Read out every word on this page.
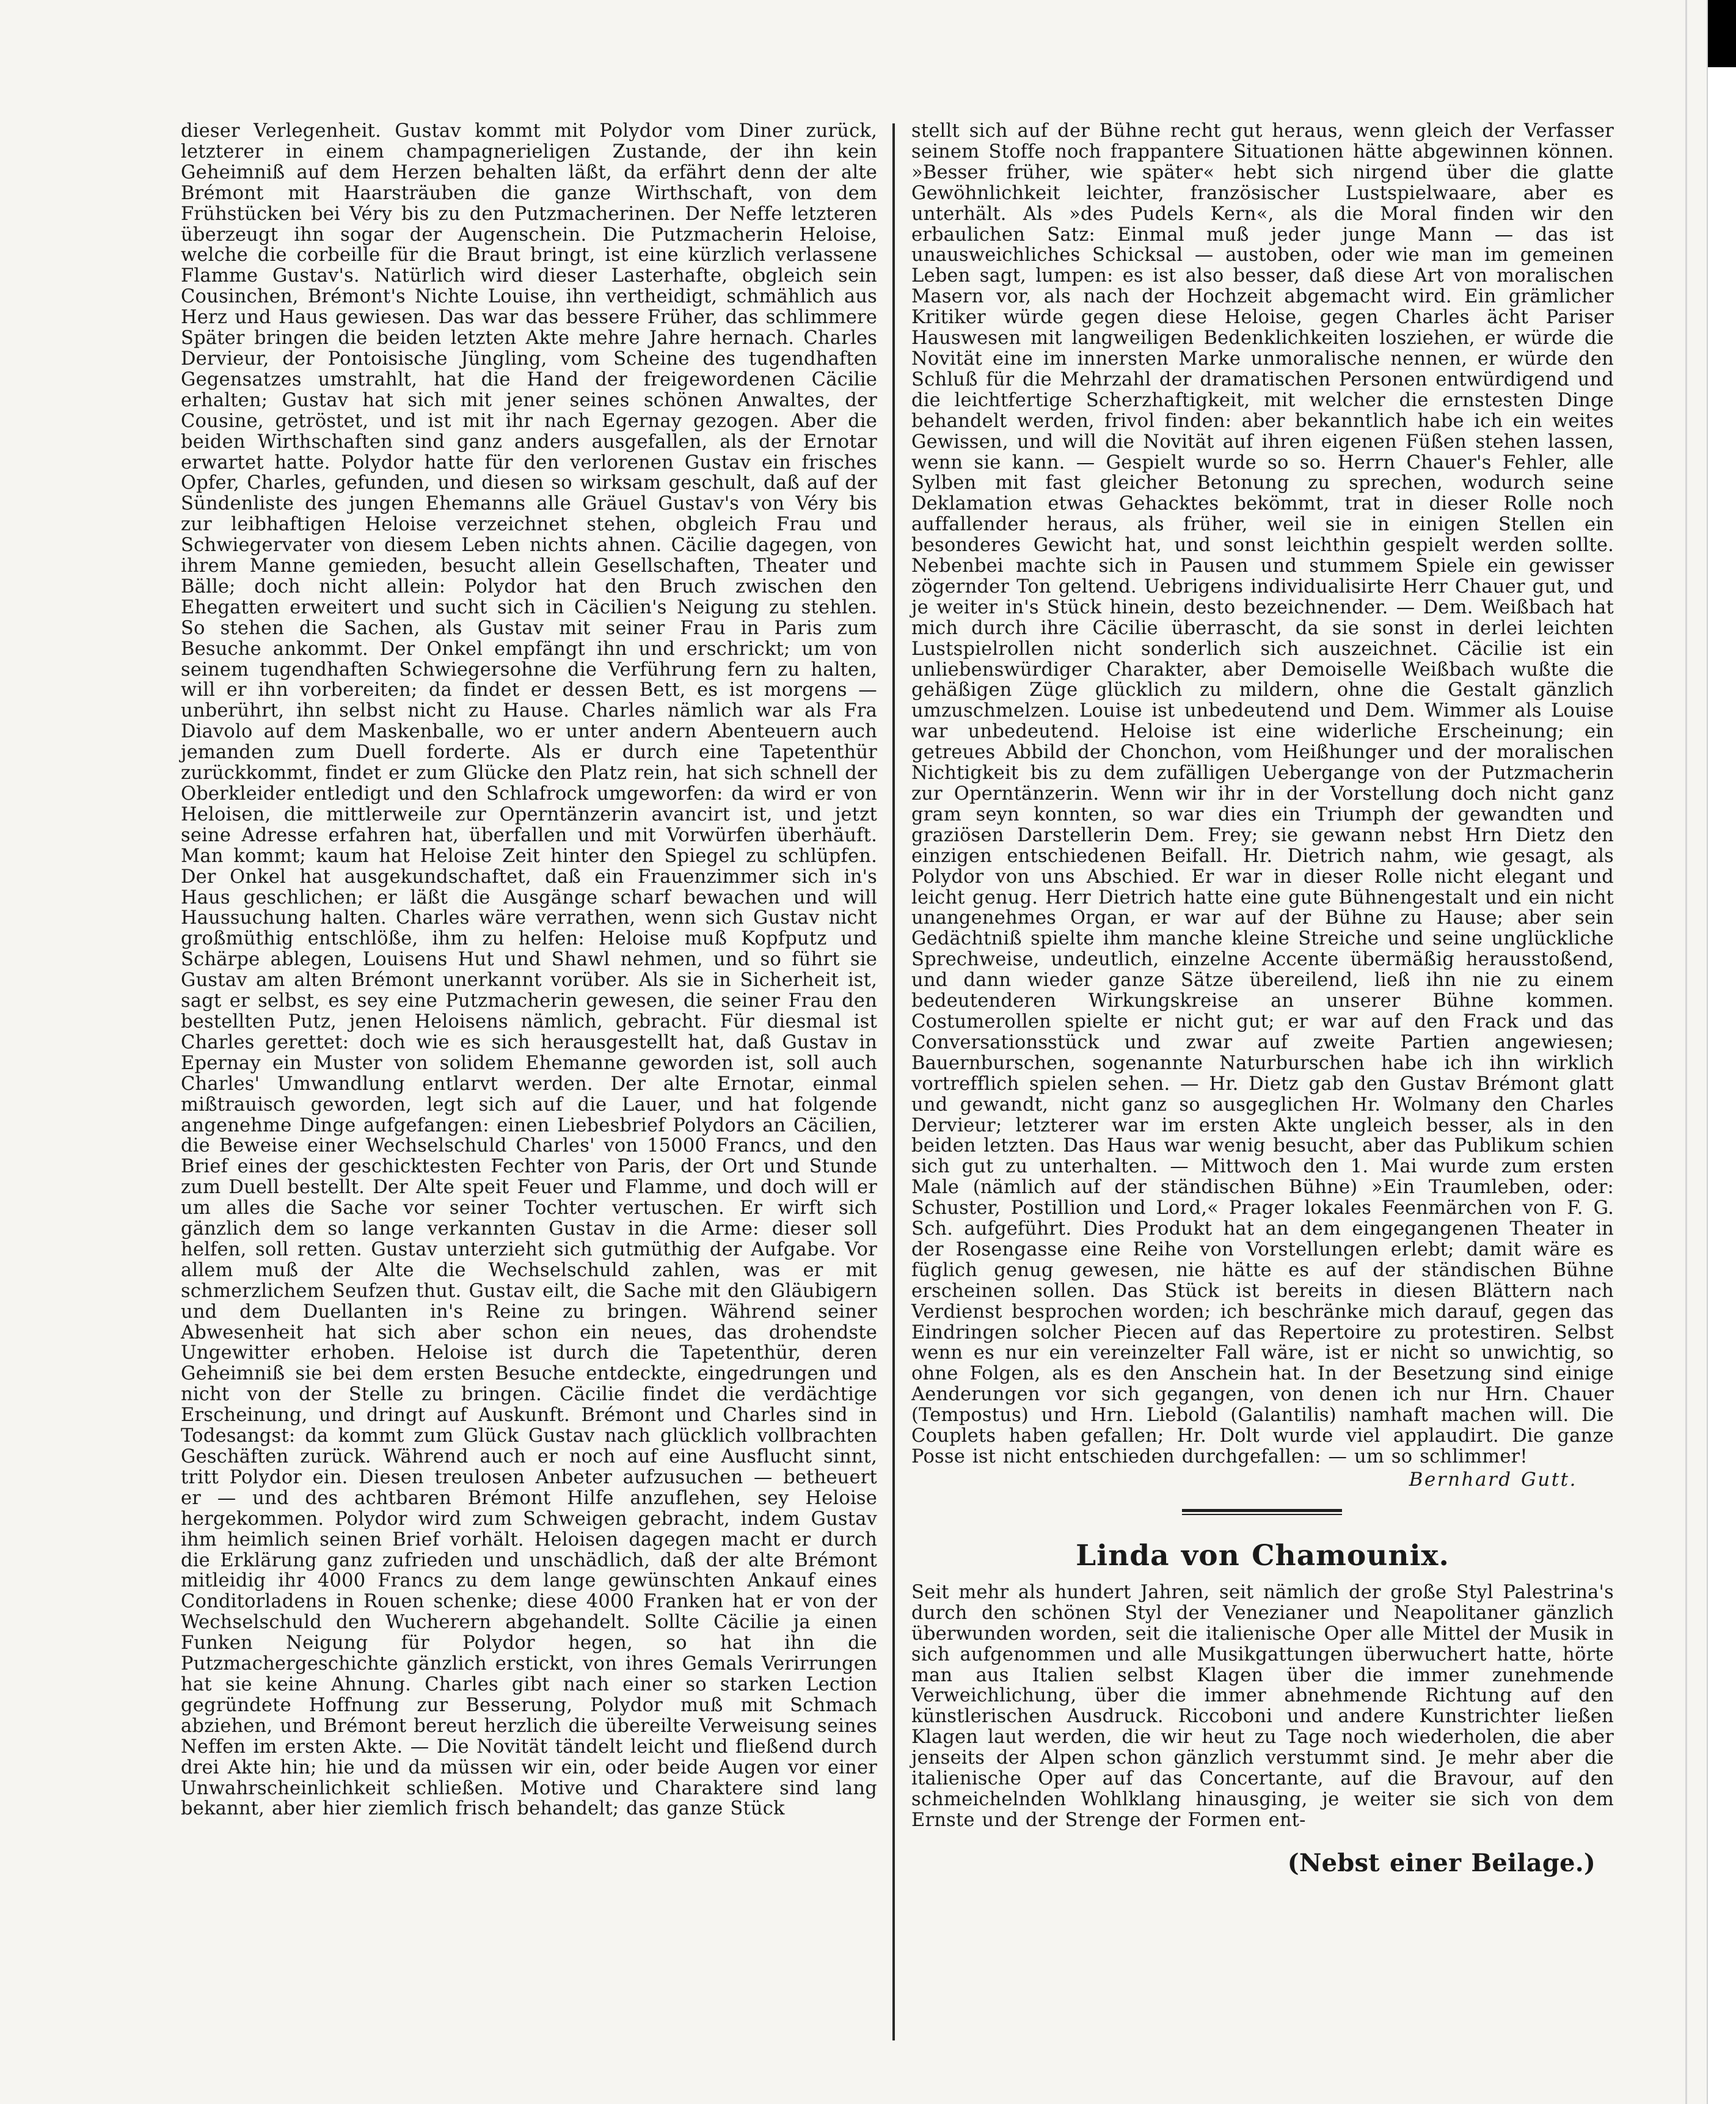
dieser Verlegenheit. Gustav kommt mit Polydor vom Diner zurück, letzterer in einem champagnerieligen Zustande, der ihn kein Geheimniß auf dem Herzen behalten läßt, da erfährt denn der alte Brémont mit Haarsträuben die ganze Wirthschaft, von dem Frühstücken bei Véry bis zu den Putzmacherinen. Der Neffe letzteren überzeugt ihn sogar der Augenschein. Die Putzmacherin Heloise, welche die corbeille für die Braut bringt, ist eine kürzlich verlassene Flamme Gustav's. Natürlich wird dieser Lasterhafte, obgleich sein Cousinchen, Brémont's Nichte Louise, ihn vertheidigt, schmählich aus Herz und Haus gewiesen. Das war das bessere Früher, das schlimmere Später bringen die beiden letzten Akte mehre Jahre hernach. Charles Dervieur, der Pontoisische Jüngling, vom Scheine des tugendhaften Gegensatzes umstrahlt, hat die Hand der freigewordenen Cäcilie erhalten; Gustav hat sich mit jener seines schönen Anwaltes, der Cousine, getröstet, und ist mit ihr nach Egernay gezogen. Aber die beiden Wirthschaften sind ganz anders ausgefallen, als der Ernotar erwartet hatte. Polydor hatte für den verlorenen Gustav ein frisches Opfer, Charles, gefunden, und diesen so wirksam geschult, daß auf der Sündenliste des jungen Ehemanns alle Gräuel Gustav's von Véry bis zur leibhaftigen Heloise verzeichnet stehen, obgleich Frau und Schwiegervater von diesem Leben nichts ahnen. Cäcilie dagegen, von ihrem Manne gemieden, besucht allein Gesellschaften, Theater und Bälle; doch nicht allein: Polydor hat den Bruch zwischen den Ehegatten erweitert und sucht sich in Cäcilien's Neigung zu stehlen. So stehen die Sachen, als Gustav mit seiner Frau in Paris zum Besuche ankommt. Der Onkel empfängt ihn und erschrickt; um von seinem tugendhaften Schwiegersohne die Verführung fern zu halten, will er ihn vorbereiten; da findet er dessen Bett, es ist morgens — unberührt, ihn selbst nicht zu Hause. Charles nämlich war als Fra Diavolo auf dem Maskenballe, wo er unter andern Abenteuern auch jemanden zum Duell forderte. Als er durch eine Tapetenthür zurückkommt, findet er zum Glücke den Platz rein, hat sich schnell der Oberkleider entledigt und den Schlafrock umgeworfen: da wird er von Heloisen, die mittlerweile zur Operntänzerin avancirt ist, und jetzt seine Adresse erfahren hat, überfallen und mit Vorwürfen überhäuft. Man kommt; kaum hat Heloise Zeit hinter den Spiegel zu schlüpfen. Der Onkel hat ausgekundschaftet, daß ein Frauenzimmer sich in's Haus geschlichen; er läßt die Ausgänge scharf bewachen und will Haussuchung halten. Charles wäre verrathen, wenn sich Gustav nicht großmüthig entschlöße, ihm zu helfen: Heloise muß Kopfputz und Schärpe ablegen, Louisens Hut und Shawl nehmen, und so führt sie Gustav am alten Brémont unerkannt vorüber. Als sie in Sicherheit ist, sagt er selbst, es sey eine Putzmacherin gewesen, die seiner Frau den bestellten Putz, jenen Heloisens nämlich, gebracht. Für diesmal ist Charles gerettet: doch wie es sich herausgestellt hat, daß Gustav in Epernay ein Muster von solidem Ehemanne geworden ist, soll auch Charles' Umwandlung entlarvt werden. Der alte Ernotar, einmal mißtrauisch geworden, legt sich auf die Lauer, und hat folgende angenehme Dinge aufgefangen: einen Liebesbrief Polydors an Cäcilien, die Beweise einer Wechselschuld Charles' von 15000 Francs, und den Brief eines der geschicktesten Fechter von Paris, der Ort und Stunde zum Duell bestellt. Der Alte speit Feuer und Flamme, und doch will er um alles die Sache vor seiner Tochter vertuschen. Er wirft sich gänzlich dem so lange verkannten Gustav in die Arme: dieser soll helfen, soll retten. Gustav unterzieht sich gutmüthig der Aufgabe. Vor allem muß der Alte die Wechselschuld zahlen, was er mit schmerzlichem Seufzen thut. Gustav eilt, die Sache mit den Gläubigern und dem Duellanten in's Reine zu bringen. Während seiner Abwesenheit hat sich aber schon ein neues, das drohendste Ungewitter erhoben. Heloise ist durch die Tapetenthür, deren Geheimniß sie bei dem ersten Besuche entdeckte, eingedrungen und nicht von der Stelle zu bringen. Cäcilie findet die verdächtige Erscheinung, und dringt auf Auskunft. Brémont und Charles sind in Todesangst: da kommt zum Glück Gustav nach glücklich vollbrachten Geschäften zurück. Während auch er noch auf eine Ausflucht sinnt, tritt Polydor ein. Diesen treulosen Anbeter aufzusuchen — betheuert er — und des achtbaren Brémont Hilfe anzuflehen, sey Heloise hergekommen. Polydor wird zum Schweigen gebracht, indem Gustav ihm heimlich seinen Brief vorhält. Heloisen dagegen macht er durch die Erklärung ganz zufrieden und unschädlich, daß der alte Brémont mitleidig ihr 4000 Francs zu dem lange gewünschten Ankauf eines Conditorladens in Rouen schenke; diese 4000 Franken hat er von der Wechselschuld den Wucherern abgehandelt. Sollte Cäcilie ja einen Funken Neigung für Polydor hegen, so hat ihn die Putzmachergeschichte gänzlich erstickt, von ihres Gemals Verirrungen hat sie keine Ahnung. Charles gibt nach einer so starken Lection gegründete Hoffnung zur Besserung, Polydor muß mit Schmach abziehen, und Brémont bereut herzlich die übereilte Verweisung seines Neffen im ersten Akte. — Die Novität tändelt leicht und fließend durch drei Akte hin; hie und da müssen wir ein, oder beide Augen vor einer Unwahrscheinlichkeit schließen. Motive und Charaktere sind lang bekannt, aber hier ziemlich frisch behandelt; das ganze Stück

stellt sich auf der Bühne recht gut heraus, wenn gleich der Verfasser seinem Stoffe noch frappantere Situationen hätte abgewinnen können. »Besser früher, wie später« hebt sich nirgend über die glatte Gewöhnlichkeit leichter, französischer Lustspielwaare, aber es unterhält. Als »des Pudels Kern«, als die Moral finden wir den erbaulichen Satz: Einmal muß jeder junge Mann — das ist unausweichliches Schicksal — austoben, oder wie man im gemeinen Leben sagt, lumpen: es ist also besser, daß diese Art von moralischen Masern vor, als nach der Hochzeit abgemacht wird. Ein grämlicher Kritiker würde gegen diese Heloise, gegen Charles ächt Pariser Hauswesen mit langweiligen Bedenklichkeiten losziehen, er würde die Novität eine im innersten Marke unmoralische nennen, er würde den Schluß für die Mehrzahl der dramatischen Personen entwürdigend und die leichtfertige Scherzhaftigkeit, mit welcher die ernstesten Dinge behandelt werden, frivol finden: aber bekanntlich habe ich ein weites Gewissen, und will die Novität auf ihren eigenen Füßen stehen lassen, wenn sie kann. — Gespielt wurde so so. Herrn Chauer's Fehler, alle Sylben mit fast gleicher Betonung zu sprechen, wodurch seine Deklamation etwas Gehacktes bekömmt, trat in dieser Rolle noch auffallender heraus, als früher, weil sie in einigen Stellen ein besonderes Gewicht hat, und sonst leichthin gespielt werden sollte. Nebenbei machte sich in Pausen und stummem Spiele ein gewisser zögernder Ton geltend. Uebrigens individualisirte Herr Chauer gut, und je weiter in's Stück hinein, desto bezeichnender. — Dem. Weißbach hat mich durch ihre Cäcilie überrascht, da sie sonst in derlei leichten Lustspielrollen nicht sonderlich sich auszeichnet. Cäcilie ist ein unliebenswürdiger Charakter, aber Demoiselle Weißbach wußte die gehäßigen Züge glücklich zu mildern, ohne die Gestalt gänzlich umzuschmelzen. Louise ist unbedeutend und Dem. Wimmer als Louise war unbedeutend. Heloise ist eine widerliche Erscheinung; ein getreues Abbild der Chonchon, vom Heißhunger und der moralischen Nichtigkeit bis zu dem zufälligen Uebergange von der Putzmacherin zur Operntänzerin. Wenn wir ihr in der Vorstellung doch nicht ganz gram seyn konnten, so war dies ein Triumph der gewandten und graziösen Darstellerin Dem. Frey; sie gewann nebst Hrn Dietz den einzigen entschiedenen Beifall. Hr. Dietrich nahm, wie gesagt, als Polydor von uns Abschied. Er war in dieser Rolle nicht elegant und leicht genug. Herr Dietrich hatte eine gute Bühnengestalt und ein nicht unangenehmes Organ, er war auf der Bühne zu Hause; aber sein Gedächtniß spielte ihm manche kleine Streiche und seine unglückliche Sprechweise, undeutlich, einzelne Accente übermäßig herausstoßend, und dann wieder ganze Sätze übereilend, ließ ihn nie zu einem bedeutenderen Wirkungskreise an unserer Bühne kommen. Costumerollen spielte er nicht gut; er war auf den Frack und das Conversationsstück und zwar auf zweite Partien angewiesen; Bauernburschen, sogenannte Naturburschen habe ich ihn wirklich vortrefflich spielen sehen. — Hr. Dietz gab den Gustav Brémont glatt und gewandt, nicht ganz so ausgeglichen Hr. Wolmany den Charles Dervieur; letzterer war im ersten Akte ungleich besser, als in den beiden letzten. Das Haus war wenig besucht, aber das Publikum schien sich gut zu unterhalten. — Mittwoch den 1. Mai wurde zum ersten Male (nämlich auf der ständischen Bühne) »Ein Traumleben, oder: Schuster, Postillion und Lord,« Prager lokales Feenmärchen von F. G. Sch. aufgeführt. Dies Produkt hat an dem eingegangenen Theater in der Rosengasse eine Reihe von Vorstellungen erlebt; damit wäre es füglich genug gewesen, nie hätte es auf der ständischen Bühne erscheinen sollen. Das Stück ist bereits in diesen Blättern nach Verdienst besprochen worden; ich beschränke mich darauf, gegen das Eindringen solcher Piecen auf das Repertoire zu protestiren. Selbst wenn es nur ein vereinzelter Fall wäre, ist er nicht so unwichtig, so ohne Folgen, als es den Anschein hat. In der Besetzung sind einige Aenderungen vor sich gegangen, von denen ich nur Hrn. Chauer (Tempostus) und Hrn. Liebold (Galantilis) namhaft machen will. Die Couplets haben gefallen; Hr. Dolt wurde viel applaudirt. Die ganze Posse ist nicht entschieden durchgefallen: — um so schlimmer!

Bernhard Gutt.
Linda von Chamounix.

Seit mehr als hundert Jahren, seit nämlich der große Styl Palestrina's durch den schönen Styl der Venezianer und Neapolitaner gänzlich überwunden worden, seit die italienische Oper alle Mittel der Musik in sich aufgenommen und alle Musikgattungen überwuchert hatte, hörte man aus Italien selbst Klagen über die immer zunehmende Verweichlichung, über die immer abnehmende Richtung auf den künstlerischen Ausdruck. Riccoboni und andere Kunstrichter ließen Klagen laut werden, die wir heut zu Tage noch wiederholen, die aber jenseits der Alpen schon gänzlich verstummt sind. Je mehr aber die italienische Oper auf das Concertante, auf die Bravour, auf den schmeichelnden Wohlklang hinausging, je weiter sie sich von dem Ernste und der Strenge der Formen ent-

(Nebst einer Beilage.)
